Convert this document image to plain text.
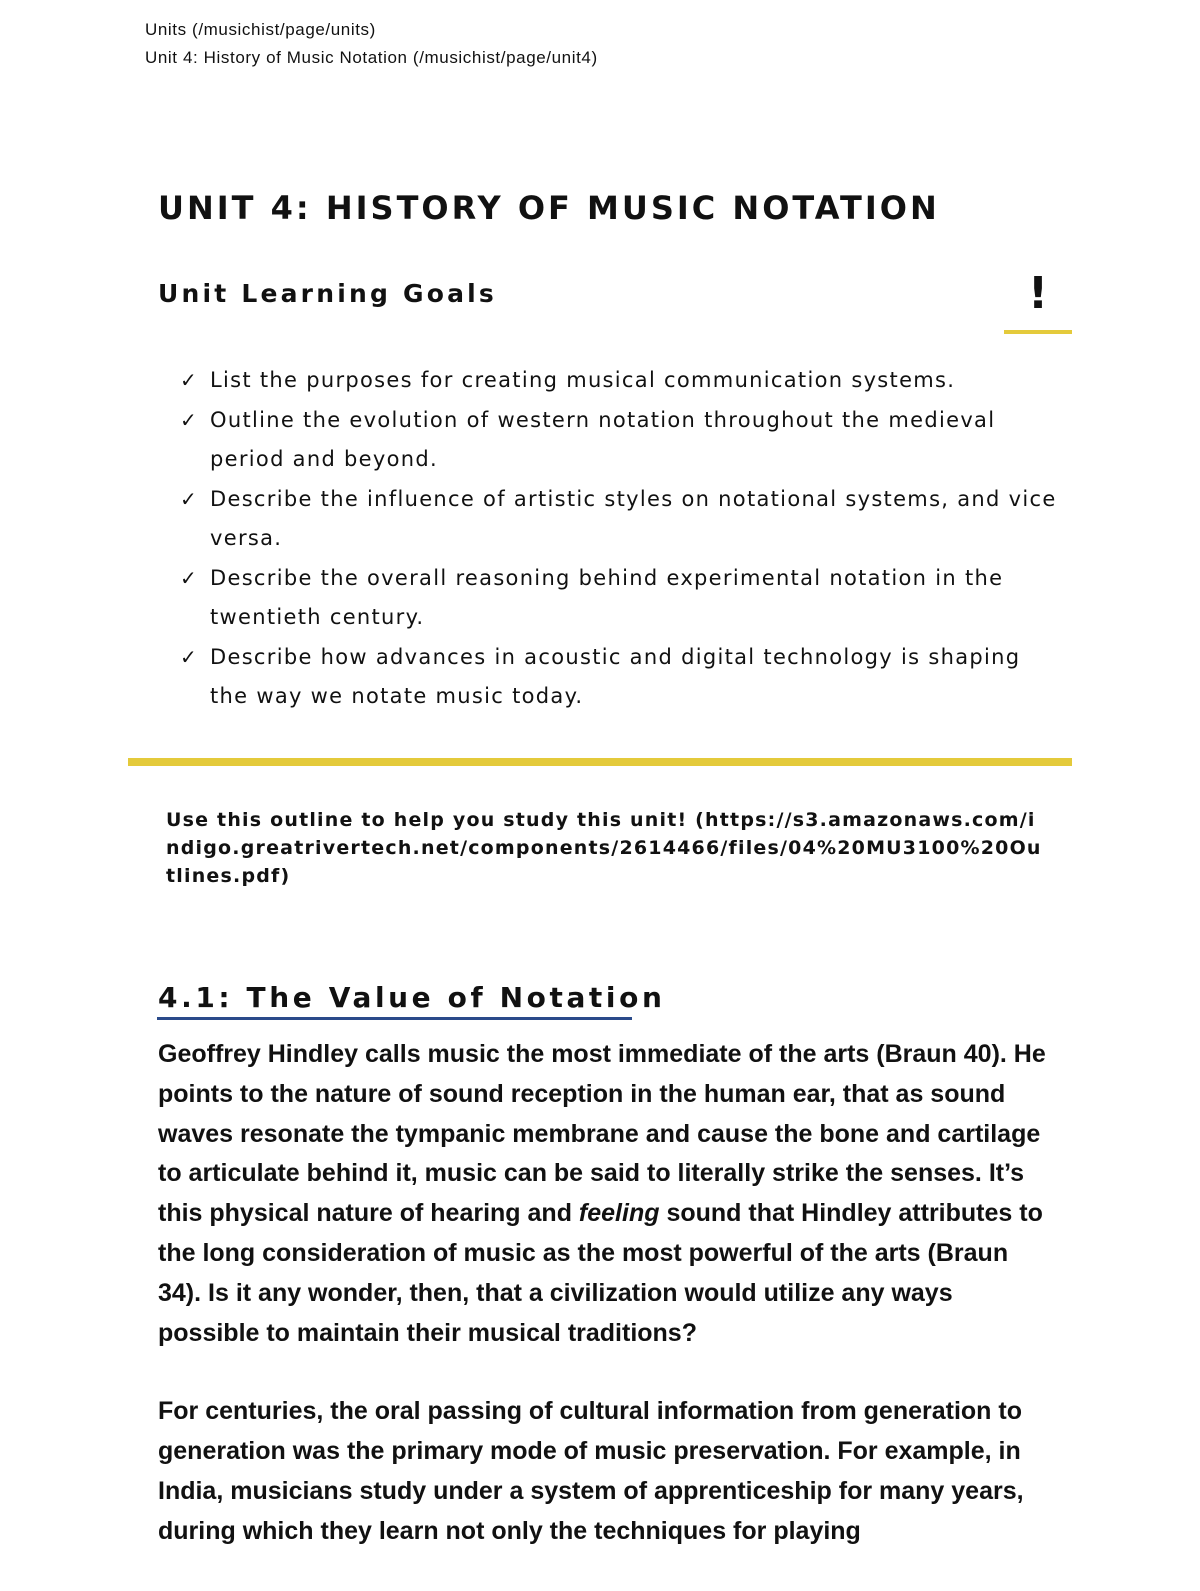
Units (/musichist/page/units)
Unit 4: History of Music Notation (/musichist/page/unit4)
UNIT 4: HISTORY OF MUSIC NOTATION
Unit Learning Goals	!
✓ List the purposes for creating musical communication systems.
✓ Outline the evolution of western notation throughout the medieval period and beyond.
✓ Describe the influence of artistic styles on notational systems, and vice versa.
✓ Describe the overall reasoning behind experimental notation in the twentieth century.
✓ Describe how advances in acoustic and digital technology is shaping the way we notate music today.
Use this outline to help you study this unit! (https://s3.amazonaws.com/indigo.greatrivertech.net/components/2614466/files/04%20MU3100%20Outlines.pdf)
4.1: The Value of Notation

Geoffrey Hindley calls music the most immediate of the arts (Braun 40). He points to the nature of sound reception in the human ear, that as sound waves resonate the tympanic membrane and cause the bone and cartilage to articulate behind it, music can be said to literally strike the senses. It’s this physical nature of hearing and feeling sound that Hindley attributes to the long consideration of music as the most powerful of the arts (Braun 34). Is it any wonder, then, that a civilization would utilize any ways possible to maintain their musical traditions?

For centuries, the oral passing of cultural information from generation to generation was the primary mode of music preservation. For example, in India, musicians study under a system of apprenticeship for many years, during which they learn not only the techniques for playing
